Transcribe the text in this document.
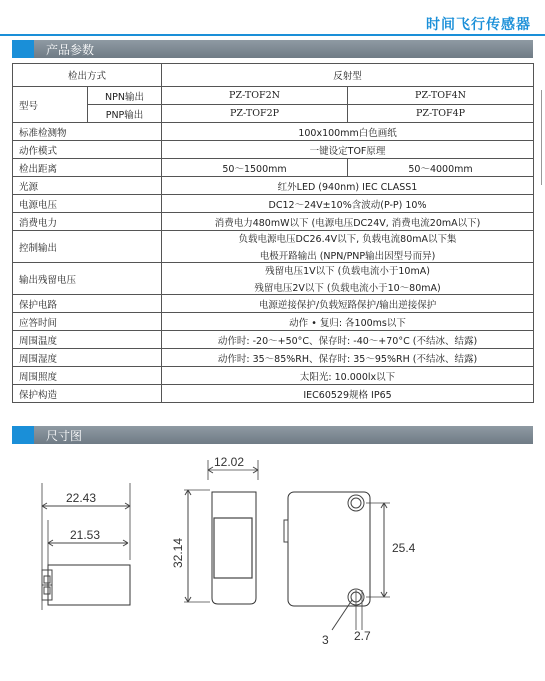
时间飞行传感器
产品参数
检出方式		反射型	
型号	NPN输出	PZ-TOF2N	PZ-TOF4N
	PNP输出	PZ-TOF2P	PZ-TOF4P
标准检测物		100x100mm白色画纸	
动作模式		一键设定TOF原理	
检出距离		50～1500mm	50～4000mm
光源		红外LED (940nm) IEC CLASS1	
电源电压		DC12～24V±10%含波动(P-P) 10%	
消费电力		消费电力480mW以下 (电源电压DC24V, 消费电流20mA以下)	
控制输出		负载电源电压DC26.4V以下, 负载电流80mA以下集
电极开路输出 (NPN/PNP输出因型号而异)	

输出残留电压		残留电压1V以下 (负载电流小于10mA)
残留电压2V以下 (负载电流小于10～80mA)	

保护电路		电源逆接保护/负载短路保护/输出逆接保护	
应答时间		动作 • 复归: 各100ms以下	
周围温度		动作时: -20～+50°C、保存时: -40～+70°C (不结冰、结露)	
周围湿度		动作时: 35～85%RH、保存时: 35～95%RH (不结冰、结露)	
周围照度		太阳光: 10.000lx以下	
保护构造		IEC60529规格 IP65	
尺寸图
22.43
21.53
12.02
32.14	25.4
3 2.7
